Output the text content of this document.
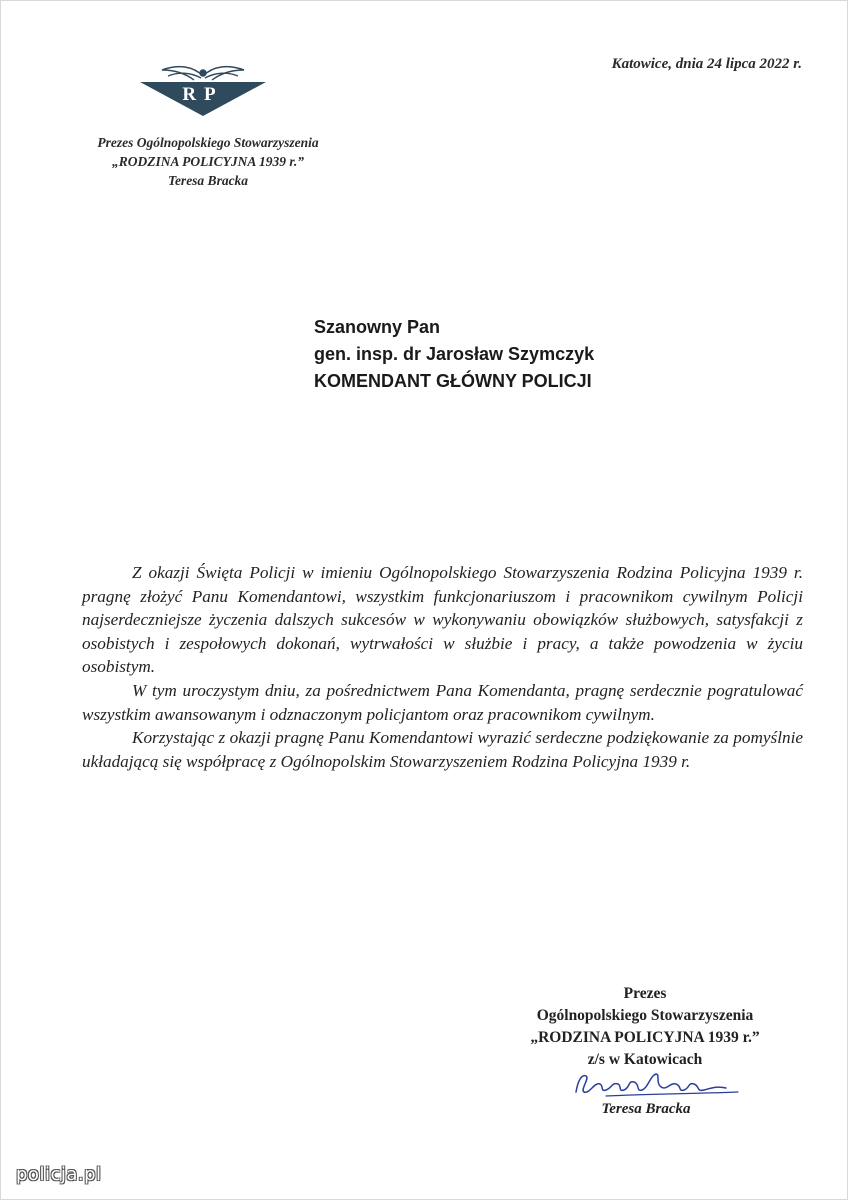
Katowice, dnia 24 lipca 2022 r.
RP
Prezes Ogólnopolskiego Stowarzyszenia
„RODZINA POLICYJNA 1939 r.”
Teresa Bracka
Szanowny Pan
gen. insp. dr Jarosław Szymczyk
KOMENDANT GŁÓWNY POLICJI

Z okazji Święta Policji w imieniu Ogólnopolskiego Stowarzyszenia Rodzina Policyjna 1939 r. pragnę złożyć Panu Komendantowi, wszystkim funkcjonariuszom i pracownikom cywilnym Policji najserdeczniejsze życzenia dalszych sukcesów w wykonywaniu obowiązków służbowych, satysfakcji z osobistych i zespołowych dokonań, wytrwałości w służbie i pracy, a także powodzenia w życiu osobistym.

W tym uroczystym dniu, za pośrednictwem Pana Komendanta, pragnę serdecznie pogratulować wszystkim awansowanym i odznaczonym policjantom oraz pracownikom cywilnym.

Korzystając z okazji pragnę Panu Komendantowi wyrazić serdeczne podziękowanie za pomyślnie układającą się współpracę z Ogólnopolskim Stowarzyszeniem Rodzina Policyjna 1939 r.

Prezes
Ogólnopolskiego Stowarzyszenia
„RODZINA POLICYJNA 1939 r.”
z/s w Katowicach
Teresa Bracka
policja.pl
